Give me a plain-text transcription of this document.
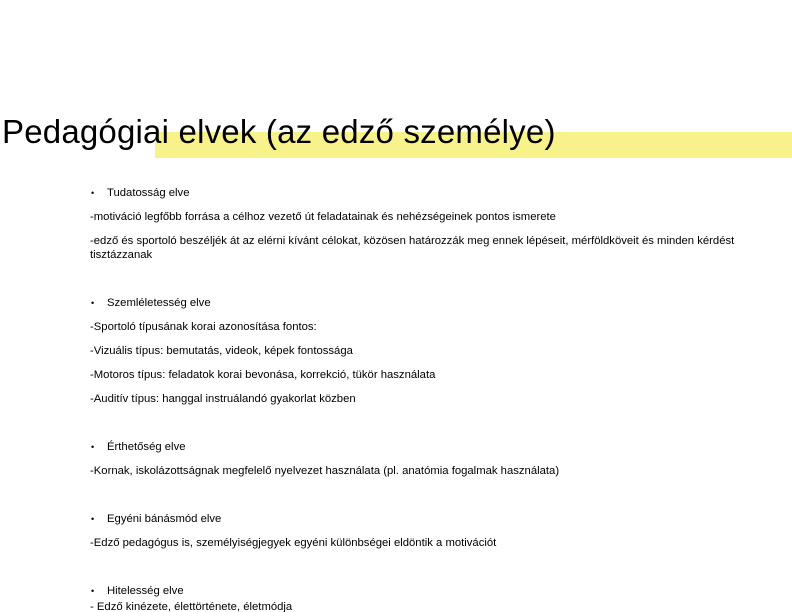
Pedagógiai elvek (az edző személye)
•	Tudatosság elve

-motiváció legfőbb forrása a célhoz vezető út feladatainak és nehézségeinek pontos ismerete

-edző és sportoló beszéljék át az elérni kívánt célokat, közösen határozzák meg ennek lépéseit, mérföldköveit és minden kérdést tisztázzanak

•	Szemléletesség elve

-Sportoló típusának korai azonosítása fontos:

-Vizuális típus: bemutatás, videok, képek fontossága

-Motoros típus: feladatok korai bevonása, korrekció, tükör használata

-Auditív típus: hanggal instruálandó gyakorlat közben

•	Érthetőség elve

-Kornak, iskolázottságnak megfelelő nyelvezet használata (pl. anatómia fogalmak használata)

•	Egyéni bánásmód elve

-Edző pedagógus is, személyiségjegyek egyéni különbségei eldöntik a motivációt

•	Hitelesség elve

- Edző kinézete, élettörténete, életmódja
